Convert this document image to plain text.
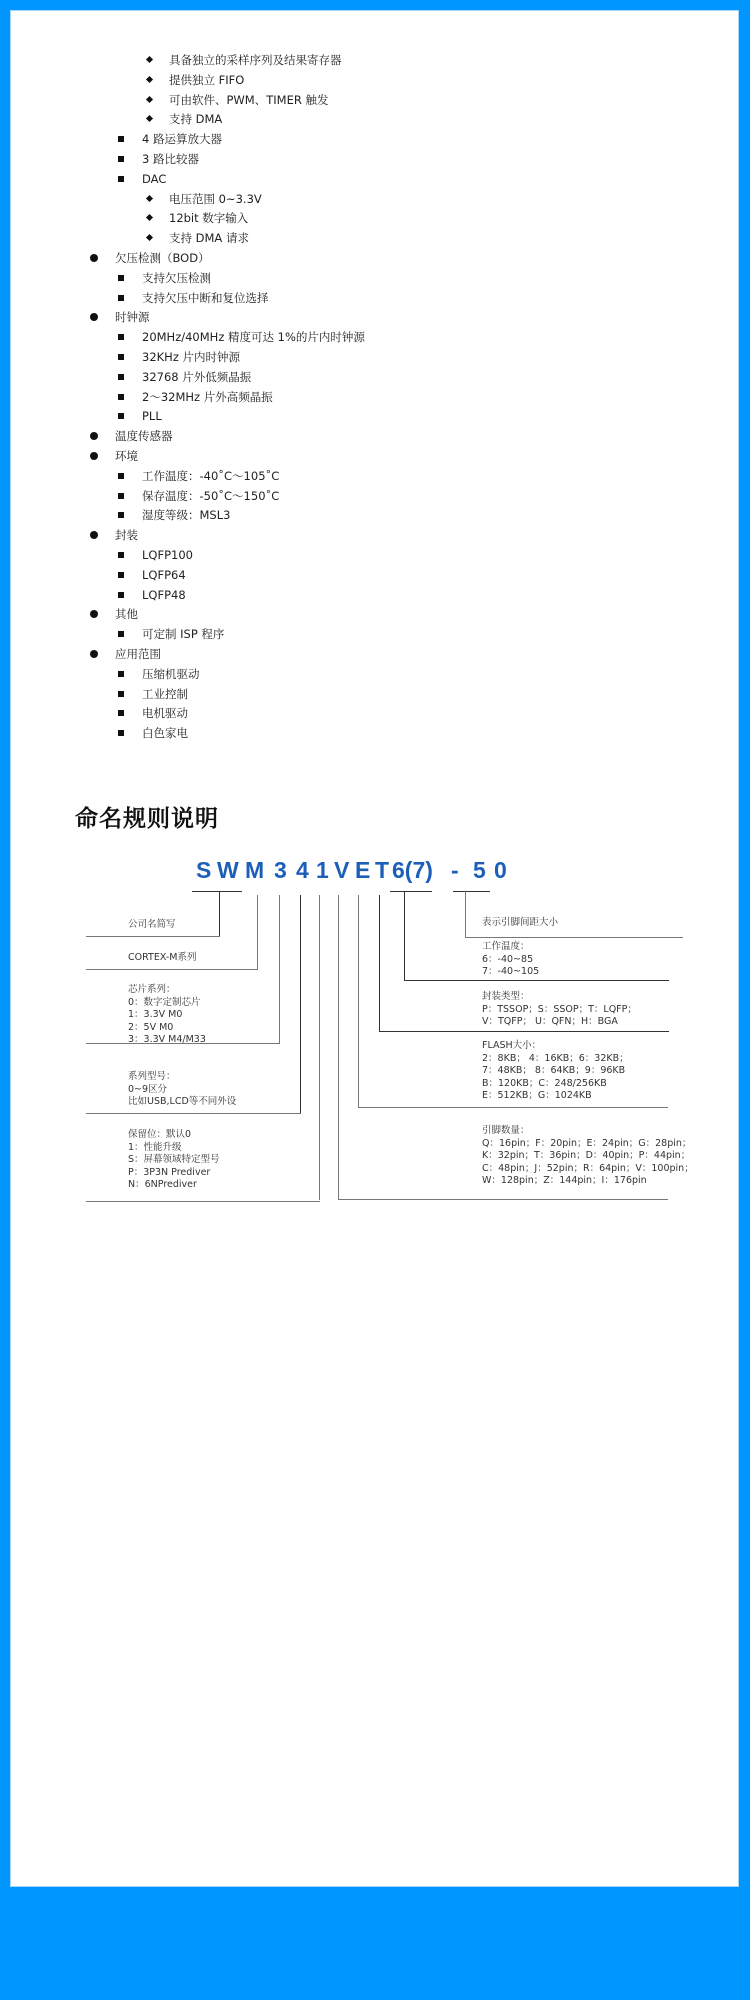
具备独立的采样序列及结果寄存器
提供独立 FIFO
可由软件、PWM、TIMER 触发
支持 DMA
4 路运算放大器
3 路比较器
DAC
电压范围 0~3.3V
12bit 数字输入
支持 DMA 请求
欠压检测（BOD）
支持欠压检测
支持欠压中断和复位选择
时钟源
20MHz/40MHz 精度可达 1%的片内时钟源
32KHz 片内时钟源
32768 片外低频晶振
2～32MHz 片外高频晶振
PLL
温度传感器
环境
工作温度：-40˚C～105˚C
保存温度：-50˚C～150˚C
湿度等级：MSL3
封装
LQFP100
LQFP64
LQFP48
其他
可定制 ISP 程序
应用范围
压缩机驱动
工业控制
电机驱动
白色家电
命名规则说明
S W M 3 4 1 V E T 6(7) - 5 0
公司名简写
CORTEX-M系列
芯片系列：
0：数字定制芯片
1：3.3V M0
2：5V M0
3：3.3V M4/M33
系列型号：
0~9区分
比如USB,LCD等不同外设
保留位：默认0
1：性能升级
S：屏幕领域特定型号
P：3P3N Prediver
N：6NPrediver
表示引脚间距大小
工作温度：
6：-40~85
7：-40~105
封装类型：
P：TSSOP；S：SSOP；T：LQFP；
V：TQFP； U：QFN；H：BGA
FLASH大小：
2：8KB； 4：16KB；6：32KB；
7：48KB； 8：64KB；9：96KB
B：120KB；C：248/256KB
E：512KB；G：1024KB
引脚数量：
Q：16pin；F：20pin；E：24pin；G：28pin；
K：32pin；T：36pin；D：40pin；P：44pin；
C：48pin；J：52pin；R：64pin；V：100pin；
W：128pin；Z：144pin；I：176pin
